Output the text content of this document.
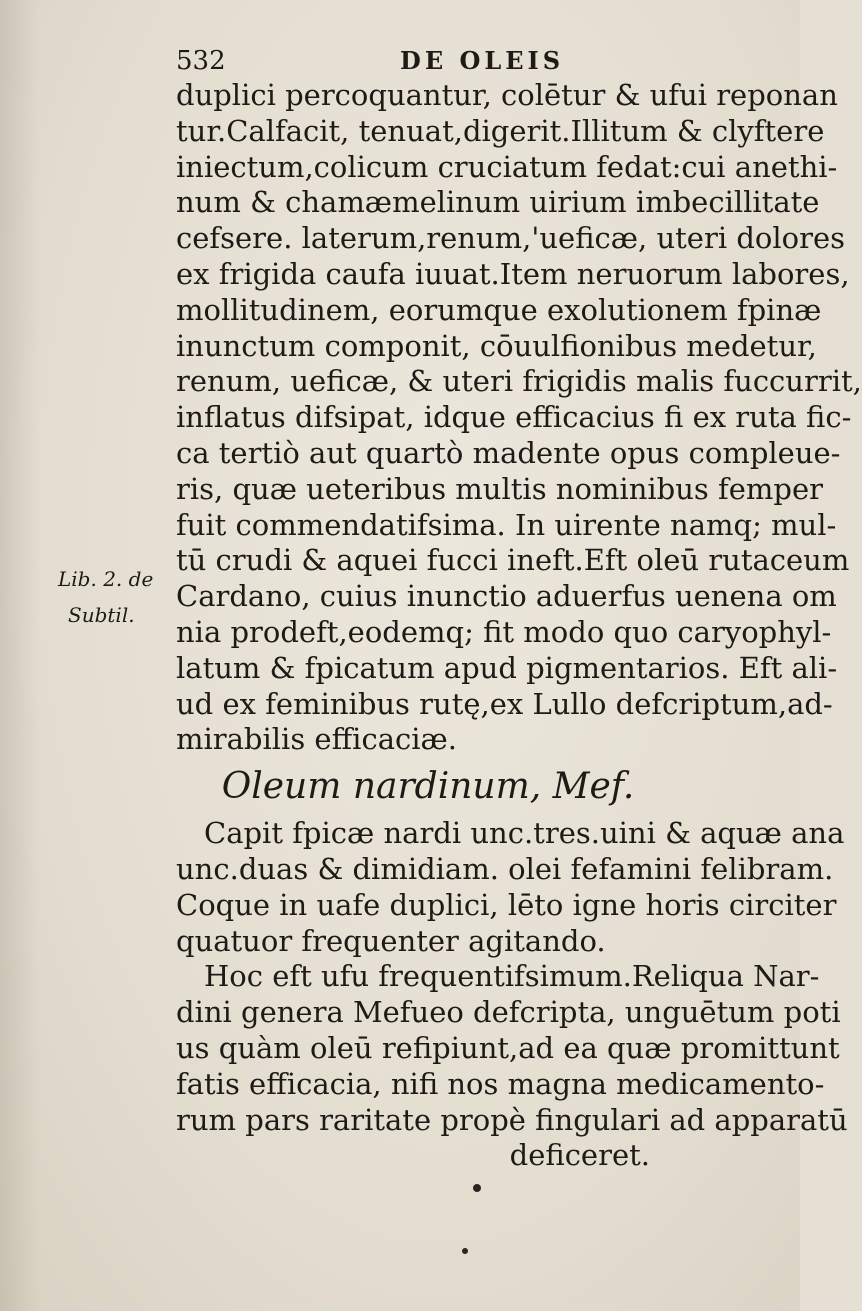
532	DE OLEIS
Lib. 2. de
Subtil.
duplici percoquantur, colētur & ufui reponan
tur.Calfacit, tenuat,digerit.Illitum & clyftere
iniectum,colicum cruciatum fedat:cui anethi-
num & chamæmelinum uirium imbecillitate
cefsere. laterum,renum,'ueficæ, uteri dolores
ex frigida caufa iuuat.Item neruorum labores,
mollitudinem, eorumque exolutionem fpinæ
inunctum componit, cōuulfionibus medetur,
renum, ueficæ, & uteri frigidis malis fuccurrit,
inflatus difsipat, idque efficacius fi ex ruta fic-
ca tertiò aut quartò madente opus compleue-
ris, quæ ueteribus multis nominibus femper
fuit commendatifsima. In uirente namq; mul-
tū crudi & aquei fucci ineft.Eft oleū rutaceum
Cardano, cuius inunctio aduerfus uenena om
nia prodeft,eodemq; fit modo quo caryophyl-
latum & fpicatum apud pigmentarios. Eft ali-
ud ex feminibus rutę,ex Lullo defcriptum,ad-
mirabilis efficaciæ.
Oleum nardinum, Mef.
Capit fpicæ nardi unc.tres.uini & aquæ ana
unc.duas & dimidiam. olei fefamini felibram.
Coque in uafe duplici, lēto igne horis circiter
quatuor frequenter agitando.
Hoc eft ufu frequentifsimum.Reliqua Nar-
dini genera Mefueo defcripta, unguētum poti
us quàm oleū refipiunt,ad ea quæ promittunt
fatis efficacia, nifi nos magna medicamento-
rum pars raritate propè fingulari ad apparatū
deficeret.
